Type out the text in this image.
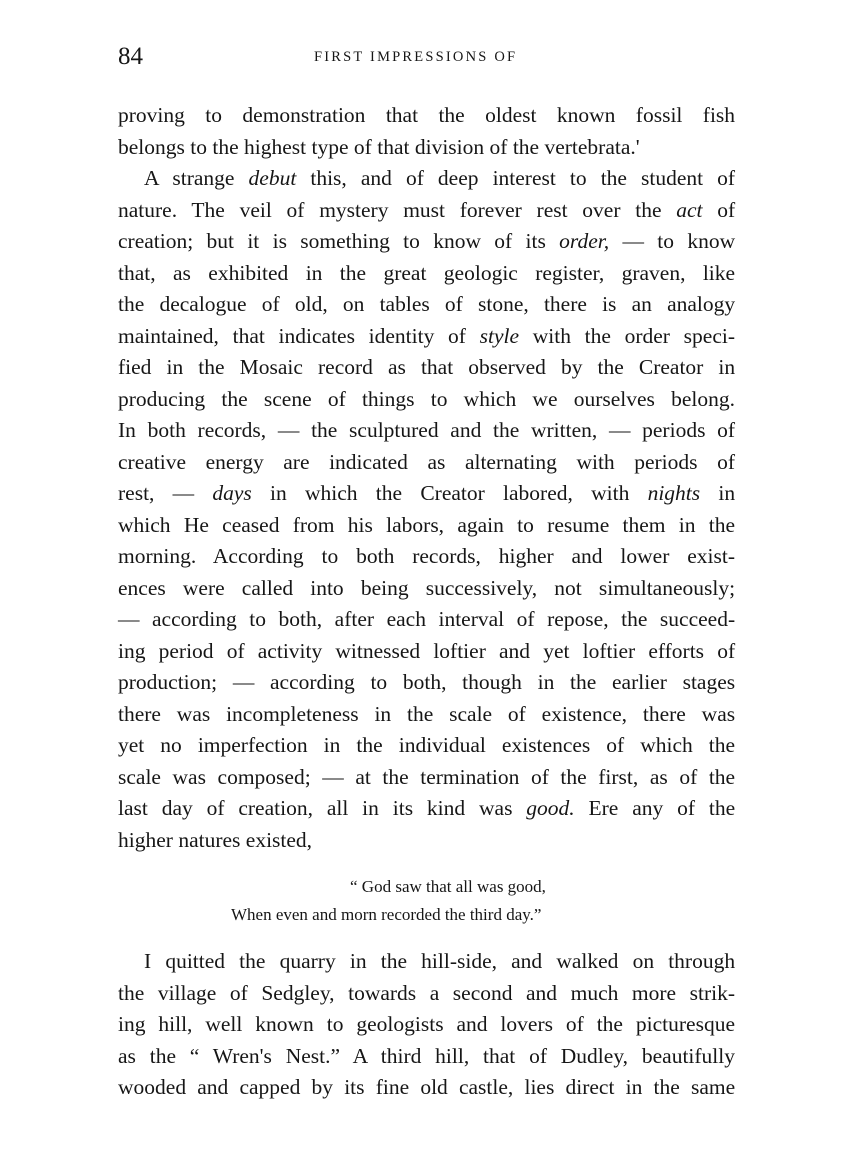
84	FIRST IMPRESSIONS OF
proving to demonstration that the oldest known fossil fish
belongs to the highest type of that division of the vertebrata.'
A strange debut this, and of deep interest to the student of
nature. The veil of mystery must forever rest over the act of
creation; but it is something to know of its order, — to know
that, as exhibited in the great geologic register, graven, like
the decalogue of old, on tables of stone, there is an analogy
maintained, that indicates identity of style with the order speci-
fied in the Mosaic record as that observed by the Creator in
producing the scene of things to which we ourselves belong.
In both records, — the sculptured and the written, — periods of
creative energy are indicated as alternating with periods of
rest, — days in which the Creator labored, with nights in
which He ceased from his labors, again to resume them in the
morning. According to both records, higher and lower exist-
ences were called into being successively, not simultaneously;
— according to both, after each interval of repose, the succeed-
ing period of activity witnessed loftier and yet loftier efforts of
production; — according to both, though in the earlier stages
there was incompleteness in the scale of existence, there was
yet no imperfection in the individual existences of which the
scale was composed; — at the termination of the first, as of the
last day of creation, all in its kind was good. Ere any of the
higher natures existed,
“ God saw that all was good,
When even and morn recorded the third day.”
I quitted the quarry in the hill-side, and walked on through
the village of Sedgley, towards a second and much more strik-
ing hill, well known to geologists and lovers of the picturesque
as the “ Wren's Nest.” A third hill, that of Dudley, beautifully
wooded and capped by its fine old castle, lies direct in the same
